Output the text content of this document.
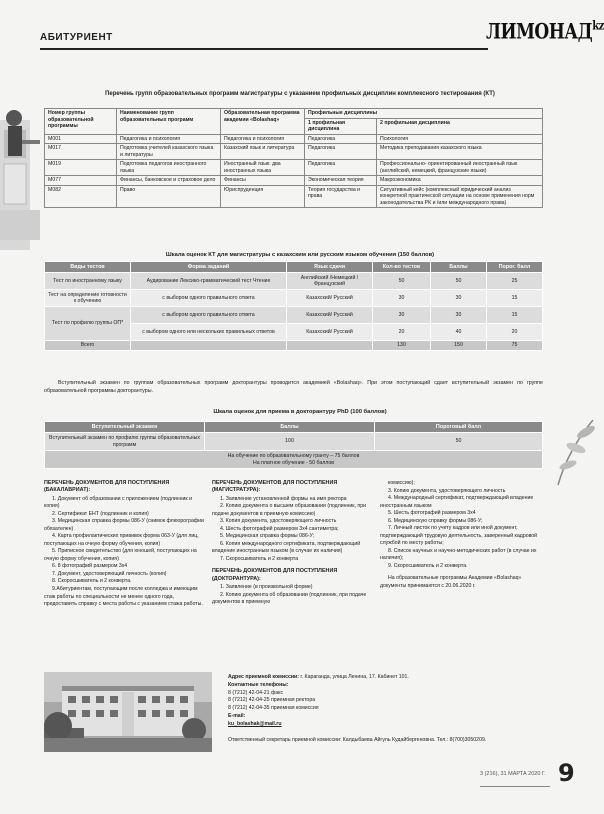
АБИТУРИЕНТ	$ЛИМОНАД^{kz}$
Перечень групп образовательных программ магистратуры с указанием профильных дисциплин комплексного тестирования (КТ)
Номер группы образовательной программы	Наименование групп образовательных программ	Образовательная программа академии «Bolashaq»	Профильные дисциплины	
			1 профильная дисциплина	2 профильная дисциплина
M001	Педагогика и психология	Педагогика и психология	Педагогика	Психология
M017	Подготовка учителей казахского языка и литературы	Казахский язык и литература	Педагогика	Методика преподавания казахского языка
M019	Подготовка педагогов иностранного языка	Иностранный язык: два иностранных языка	Педагогика	Профессионально- ориентированный иностранный язык (английский, немецкий, французские языки)
M077	Финансы, банковское и страховое дело	Финансы	Экономическая теория	Макроэкономика
M082	Право	Юриспруденция	Теория государства и права	Ситуативный кейс (комплексный юридический анализ конкретной практической ситуации на основе применения норм законодательства РК и /или международного права)
Шкала оценок КТ для магистратуры с казахским или русским языком обучения (150 баллов)
Виды тестов	Форма заданий	Язык сдачи	Кол-во тестов	Баллы	Порог. балл
Тест по иностранному языку	Аудирование Лексико-грамматический тест Чтение	Английский /Немецкий / Французский	50	50	25
Тест на определение готовности к обучению	с выбором одного правильного ответа	Казахский/ Русский	30	30	15
Тест по профилю группы ОП*	с выбором одного правильного ответа	Казахский/ Русский	30	30	15
	с выбором одного или нескольких правильных ответов	Казахский/ Русский	20	40	20
Всего			130	150	75
Вступительный экзамен по группам образовательных программ докторантуры проводится академией «Bolashaq». При этом поступающий сдает вступительный экзамен по группе образовательной программы докторантуры.
Шкала оценок для приема в докторантуру PhD (100 баллов)
Вступительный экзамен	Баллы	Пороговый балл
Вступительный экзамен по профилю группы образовательных программ	100	50
На обучение по образовательному гранту – 75 баллов
На платное обучение - 50 баллов		
ПЕРЕЧЕНЬ ДОКУМЕНТОВ ДЛЯ ПОСТУПЛЕНИЯ (БАКАЛАВРИАТ):

1. Документ об образовании с приложением (подлинник и копия)

2. Сертификат ЕНТ (подлинник и копия)

3. Медицинская справка формы 086-У (снимок флюорографии обязателен)

4. Карта профилактических прививок форма 063-У (для лиц, поступающих на очную форму обучения, копия)

5. Приписное свидетельство (для юношей, поступающих на очную форму обучения, копия)

6. 8 фотографий размером 3х4

7. Документ, удостоверяющий личность (копия)

8. Скоросшиватель и 2 конверта.

9.Абитуриентам, поступающим после колледжа и имеющим стаж работы по специальности не менее одного года, предоставить справку с места работы с указанием стажа работы.

ПЕРЕЧЕНЬ ДОКУМЕНТОВ ДЛЯ ПОСТУПЛЕНИЯ (МАГИСТРАТУРА):

1. Заявление установленной формы на имя ректора

2. Копию документа о высшем образовании (подлинник, при подаче документов в приемную комиссию)

3. Копия документа, удостоверяющего личность

4. Шесть фотографий размером 3х4 сантиметра;

5. Медицинская справка формы 086-У;

6. Копия международного сертификата, подтверждающий владение иностранным языком (в случае их наличия)

7. Скоросшиватель и 2 конверта

ПЕРЕЧЕНЬ ДОКУМЕНТОВ ДЛЯ ПОСТУПЛЕНИЯ (ДОКТОРАНТУРА):

1. Заявление (в произвольной форме)

2. Копию документа об образовании (подлинник, при подаче документов в приемную

комиссию);

3. Копию документа, удостоверяющего личность

4. Международный сертификат, подтверждающий владение иностранным языком

5. Шесть фотографий размером 3х4

6. Медицинскую справку формы 086-У;

7. Личный листок по учету кадров или иной документ, подтверждающий трудовую деятельность, заверенный кадровой службой по месту работы;

8. Список научных и научно-методических работ (в случае их наличия);

9. Скоросшиватель и 2 конверта.

На образовательные программы Академии «Bolashaq» документы принимаются с 20.06.2020 г.

Адрес приемной комиссии: г. Караганда, улица Ленина, 17. Кабинет 101.
Контактные телефоны:
8 (7212) 42-04-21 факс
8 (7212) 42-04-25 приемная ректора
8 (7212) 42-04-35 приемная комиссия
E-mail:
ku_bolashak@mail.ru
Ответственный секретарь приемной комиссии: Калдыбаева Айгуль Кудайбергеновна. Тел.: 8(700)3050209.
3 (216), 31 МАРТА 2020 Г. 9
